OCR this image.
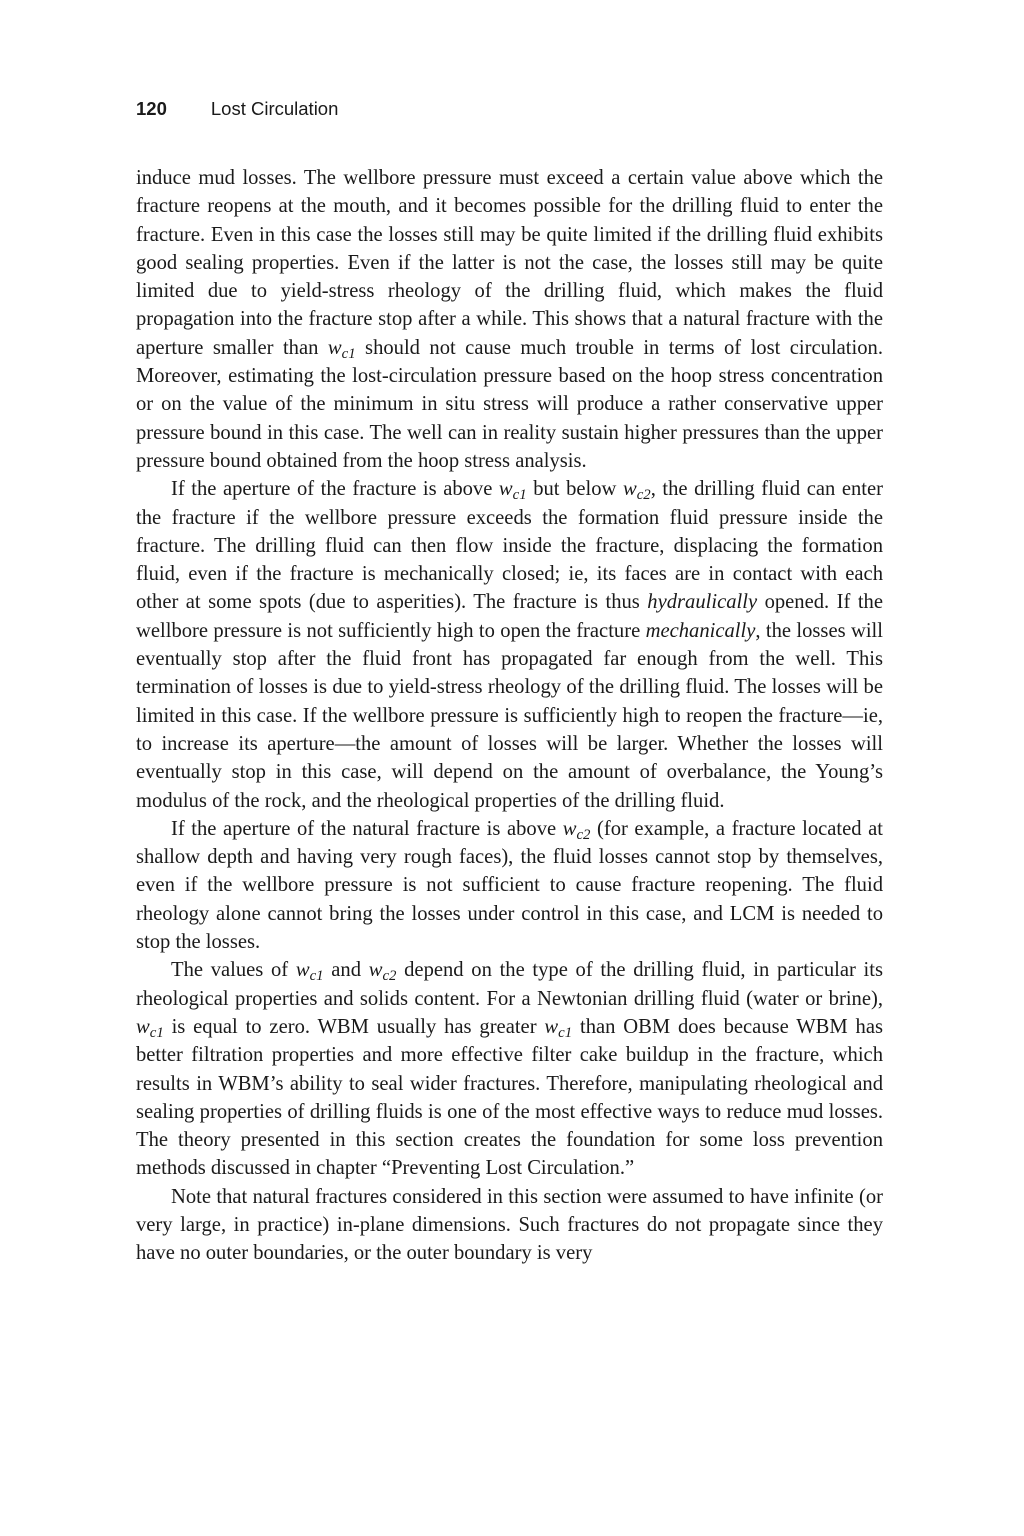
120 Lost Circulation

induce mud losses. The wellbore pressure must exceed a certain value above which the fracture reopens at the mouth, and it becomes possible for the drilling fluid to enter the fracture. Even in this case the losses still may be quite limited if the drilling fluid exhibits good sealing properties. Even if the latter is not the case, the losses still may be quite limited due to yield-stress rheology of the drilling fluid, which makes the fluid propagation into the fracture stop after a while. This shows that a natural fracture with the aperture smaller than $w_{c1}$ should not cause much trouble in terms of lost circulation. Moreover, estimating the lost-circulation pressure based on the hoop stress concentration or on the value of the minimum in situ stress will produce a rather conservative upper pressure bound in this case. The well can in reality sustain higher pressures than the upper pressure bound obtained from the hoop stress analysis.

If the aperture of the fracture is above $w_{c1}$ but below $w_{c2}$, the drilling fluid can enter the fracture if the wellbore pressure exceeds the formation fluid pressure inside the fracture. The drilling fluid can then flow inside the fracture, displacing the formation fluid, even if the fracture is mechanically closed; ie, its faces are in contact with each other at some spots (due to asperities). The fracture is thus hydraulically opened. If the wellbore pressure is not sufficiently high to open the fracture mechanically, the losses will eventually stop after the fluid front has propagated far enough from the well. This termination of losses is due to yield-stress rheology of the drilling fluid. The losses will be limited in this case. If the wellbore pressure is sufficiently high to reopen the fracture—ie, to increase its aperture—the amount of losses will be larger. Whether the losses will eventually stop in this case, will depend on the amount of overbalance, the Young’s modulus of the rock, and the rheological properties of the drilling fluid.

If the aperture of the natural fracture is above $w_{c2}$ (for example, a fracture located at shallow depth and having very rough faces), the fluid losses cannot stop by themselves, even if the wellbore pressure is not sufficient to cause fracture reopening. The fluid rheology alone cannot bring the losses under control in this case, and LCM is needed to stop the losses.

The values of $w_{c1}$ and $w_{c2}$ depend on the type of the drilling fluid, in particular its rheological properties and solids content. For a Newtonian drilling fluid (water or brine), $w_{c1}$ is equal to zero. WBM usually has greater $w_{c1}$ than OBM does because WBM has better filtration properties and more effective filter cake buildup in the fracture, which results in WBM’s ability to seal wider fractures. Therefore, manipulating rheological and sealing properties of drilling fluids is one of the most effective ways to reduce mud losses. The theory presented in this section creates the foundation for some loss prevention methods discussed in chapter “Preventing Lost Circulation.”

Note that natural fractures considered in this section were assumed to have infinite (or very large, in practice) in-plane dimensions. Such fractures do not propagate since they have no outer boundaries, or the outer boundary is very
